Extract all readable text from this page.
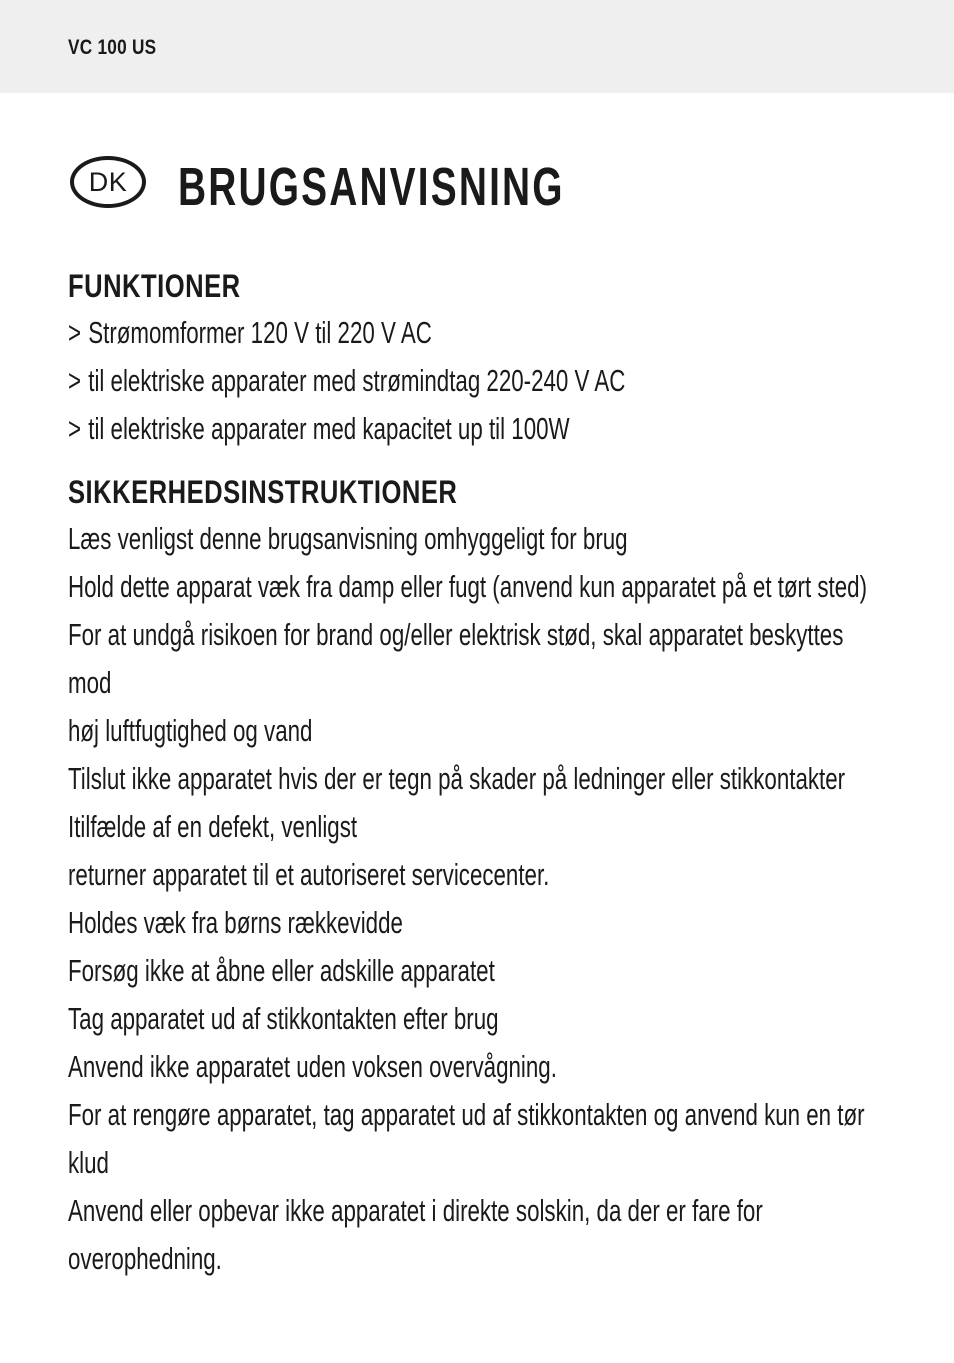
VC 100 US
DK BRUGSANVISNING
FUNKTIONER
> Strømomformer 120 V til 220 V AC
> til elektriske apparater med strømindtag 220-240 V AC
> til elektriske apparater med kapacitet up til 100W
SIKKERHEDSINSTRUKTIONER
Læs venligst denne brugsanvisning omhyggeligt for brug
Hold dette apparat væk fra damp eller fugt (anvend kun apparatet på et tørt sted)
For at undgå risikoen for brand og/eller elektrisk stød, skal apparatet beskyttes
mod
høj luftfugtighed og vand
Tilslut ikke apparatet hvis der er tegn på skader på ledninger eller stikkontakter
Itilfælde af en defekt, venligst
returner apparatet til et autoriseret servicecenter.
Holdes væk fra børns rækkevidde
Forsøg ikke at åbne eller adskille apparatet
Tag apparatet ud af stikkontakten efter brug
Anvend ikke apparatet uden voksen overvågning.
For at rengøre apparatet, tag apparatet ud af stikkontakten og anvend kun en tør
klud
Anvend eller opbevar ikke apparatet i direkte solskin, da der er fare for
overophedning.
